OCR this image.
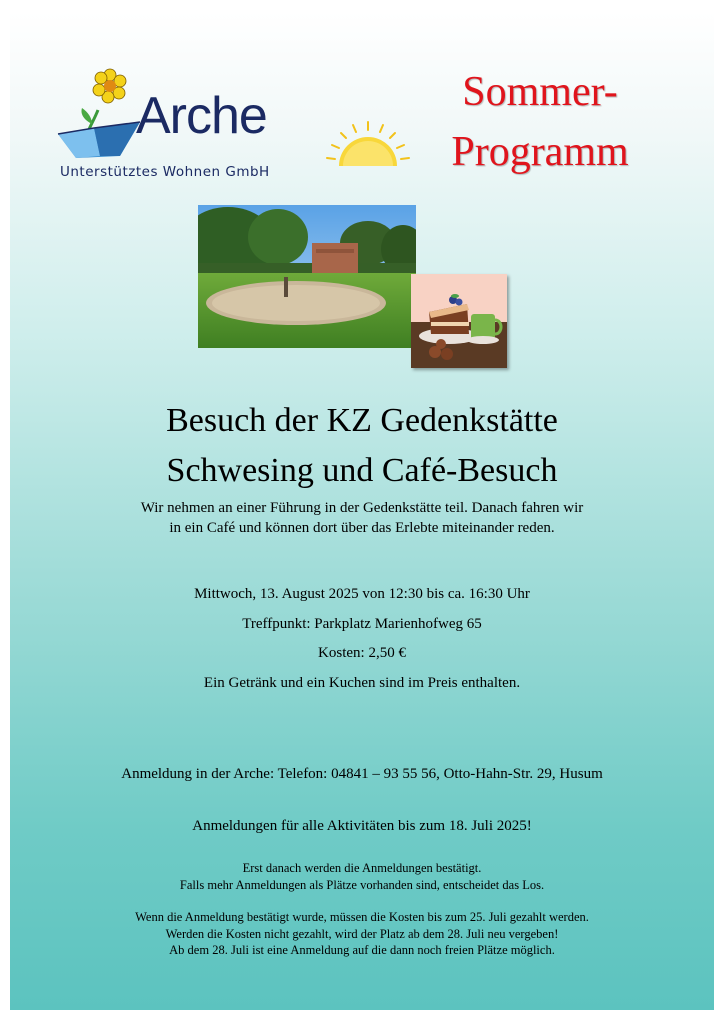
Arche
Unterstütztes Wohnen GmbH
Sommer-
Programm
Besuch der KZ Gedenkstätte
Schwesing und Café-Besuch
Wir nehmen an einer Führung in der Gedenkstätte teil. Danach fahren wir
in ein Café und können dort über das Erlebte miteinander reden.
Mittwoch, 13. August 2025 von 12:30 bis ca. 16:30 Uhr
Treffpunkt: Parkplatz Marienhofweg 65
Kosten: 2,50 €
Ein Getränk und ein Kuchen sind im Preis enthalten.
Anmeldung in der Arche: Telefon: 04841 – 93 55 56, Otto-Hahn-Str. 29, Husum
Anmeldungen für alle Aktivitäten bis zum 18. Juli 2025!
Erst danach werden die Anmeldungen bestätigt.
Falls mehr Anmeldungen als Plätze vorhanden sind, entscheidet das Los.
Wenn die Anmeldung bestätigt wurde, müssen die Kosten bis zum 25. Juli gezahlt werden.
Werden die Kosten nicht gezahlt, wird der Platz ab dem 28. Juli neu vergeben!
Ab dem 28. Juli ist eine Anmeldung auf die dann noch freien Plätze möglich.
